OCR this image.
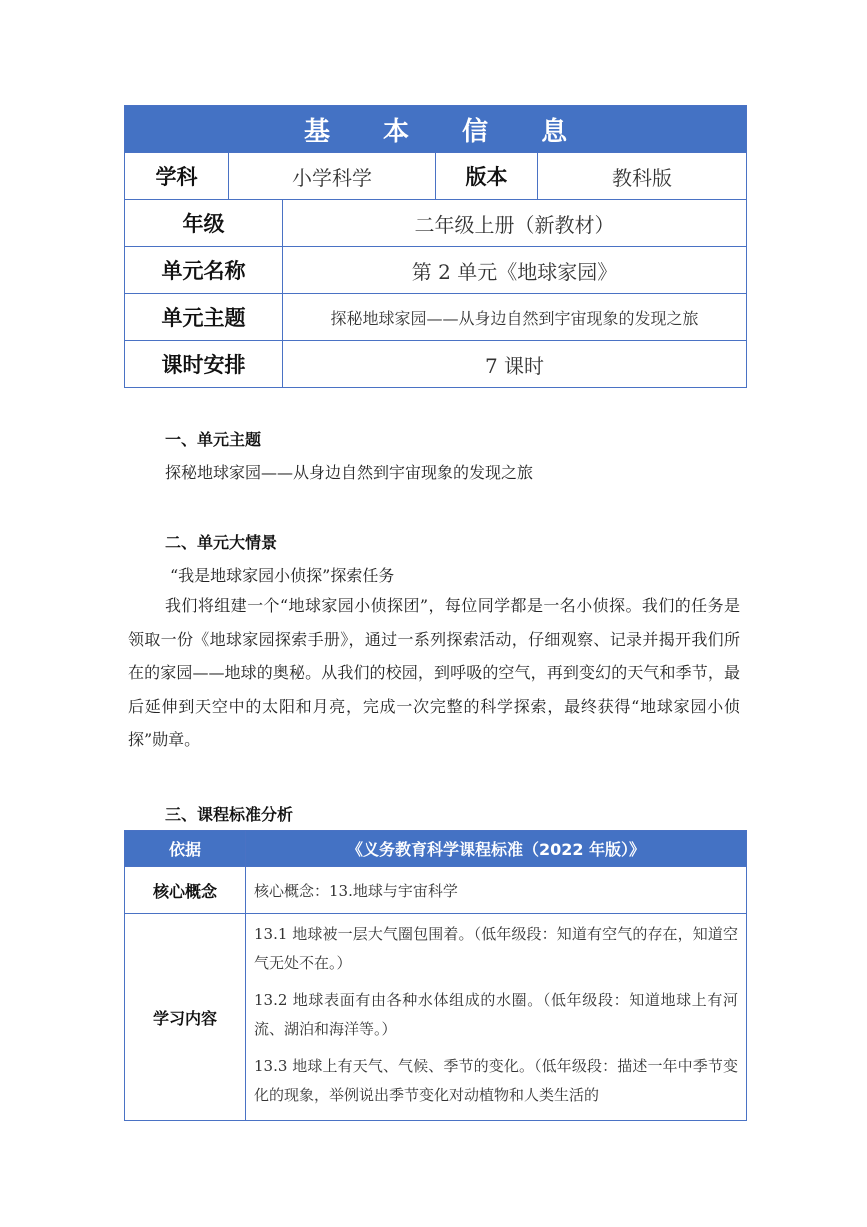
基 本 信 息				
学科	小学科学		版本	教科版
年级		二年级上册（新教材）		
单元名称		第 2 单元《地球家园》		
单元主题		探秘地球家园——从身边自然到宇宙现象的发现之旅		
课时安排		7 课时		
一、单元主题
探秘地球家园——从身边自然到宇宙现象的发现之旅
二、单元大情景
“我是地球家园小侦探”探索任务

我们将组建一个“地球家园小侦探团”，每位同学都是一名小侦探。我们的任务是领取一份《地球家园探索手册》，通过一系列探索活动，仔细观察、记录并揭开我们所在的家园——地球的奥秘。从我们的校园，到呼吸的空气，再到变幻的天气和季节，最后延伸到天空中的太阳和月亮，完成一次完整的科学探索，最终获得“地球家园小侦探”勋章。

三、课程标准分析
依据	《义务教育科学课程标准（2022 年版）》
核心概念	核心概念：13.地球与宇宙科学
学习内容	13.1 地球被一层大气圈包围着。（低年级段：知道有空气的存在，知道空气无处不在。）

13.2 地球表面有由各种水体组成的水圈。（低年级段：知道地球上有河流、湖泊和海洋等。）

13.3 地球上有天气、气候、季节的变化。（低年级段：描述一年中季节变化的现象，举例说出季节变化对动植物和人类生活的
